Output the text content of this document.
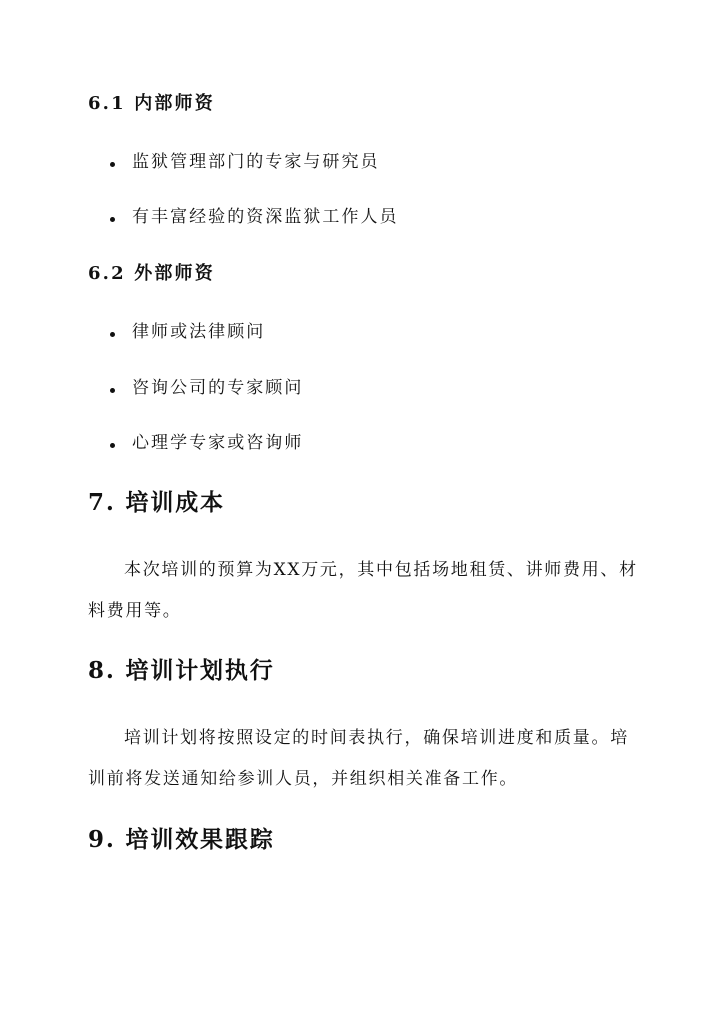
6.1 内部师资
监狱管理部门的专家与研究员
有丰富经验的资深监狱工作人员
6.2 外部师资
律师或法律顾问
咨询公司的专家顾问
心理学专家或咨询师
7. 培训成本
本次培训的预算为XX万元，其中包括场地租赁、讲师费用、材
料费用等。
8. 培训计划执行
培训计划将按照设定的时间表执行，确保培训进度和质量。培
训前将发送通知给参训人员，并组织相关准备工作。
9. 培训效果跟踪
